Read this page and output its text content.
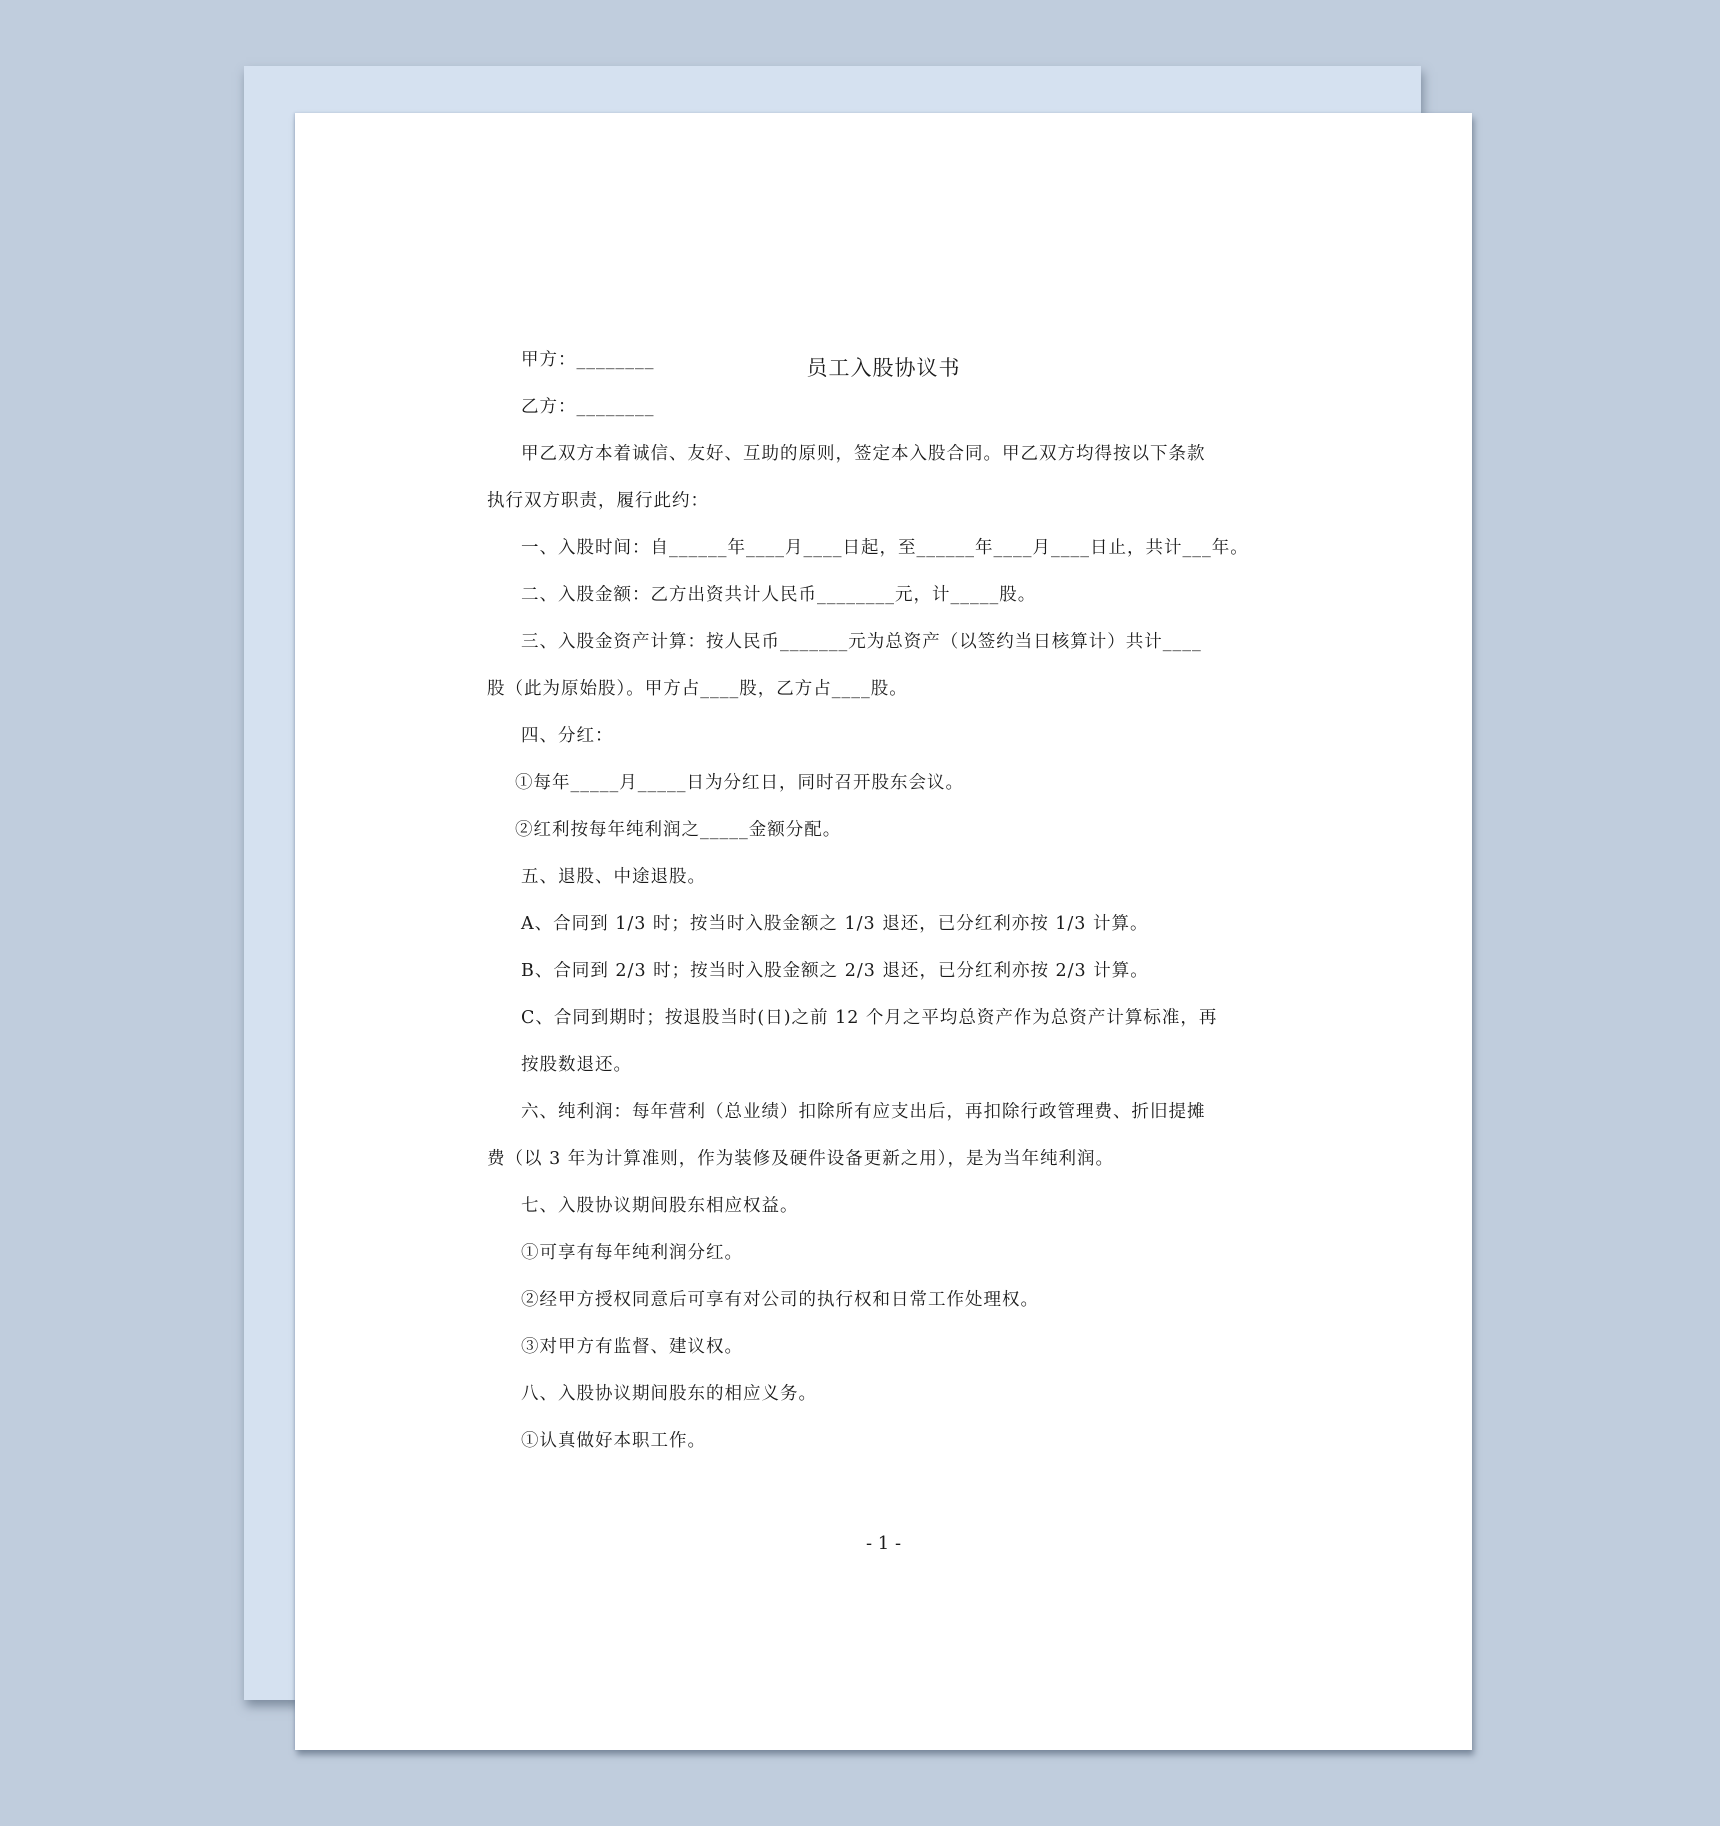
员工入股协议书
甲方：________
乙方：________
甲乙双方本着诚信、友好、互助的原则，签定本入股合同。甲乙双方均得按以下条款
执行双方职责，履行此约：
一、入股时间：自______年____月____日起，至______年____月____日止，共计___年。
二、入股金额：乙方出资共计人民币________元，计_____股。
三、入股金资产计算：按人民币_______元为总资产（以签约当日核算计）共计____
股（此为原始股）。甲方占____股，乙方占____股。
四、分红：
①每年_____月_____日为分红日，同时召开股东会议。
②红利按每年纯利润之_____金额分配。
五、退股、中途退股。
A、合同到 1/3 时；按当时入股金额之 1/3 退还，已分红利亦按 1/3 计算。
B、合同到 2/3 时；按当时入股金额之 2/3 退还，已分红利亦按 2/3 计算。
C、合同到期时；按退股当时(日)之前 12 个月之平均总资产作为总资产计算标准，再
按股数退还。
六、纯利润：每年营利（总业绩）扣除所有应支出后，再扣除行政管理费、折旧提摊
费（以 3 年为计算准则，作为装修及硬件设备更新之用），是为当年纯利润。
七、入股协议期间股东相应权益。
①可享有每年纯利润分红。
②经甲方授权同意后可享有对公司的执行权和日常工作处理权。
③对甲方有监督、建议权。
八、入股协议期间股东的相应义务。
①认真做好本职工作。
- 1 -
